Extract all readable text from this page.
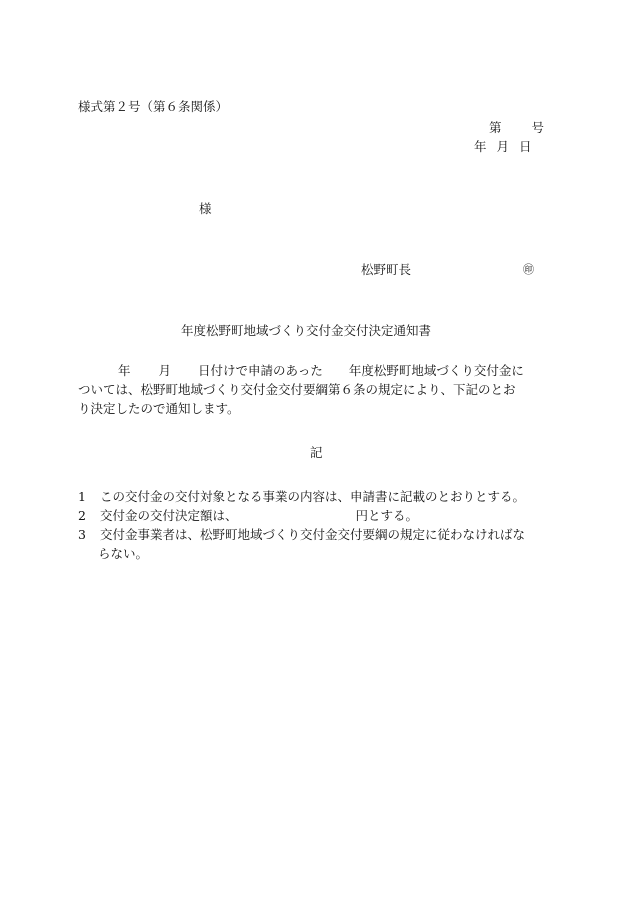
様式第２号（第６条関係）
第 号
年 月 日
様
松野町長	㊞
年度松野町地域づくり交付金交付決定通知書
年 月 日付けで申請のあった 年度松野町地域づくり交付金に
ついては、松野町地域づくり交付金交付要綱第６条の規定により、下記のとお
り決定したので通知します。
記
1 この交付金の交付対象となる事業の内容は、申請書に記載のとおりとする。
2 交付金の交付決定額は、	円とする。
3 交付金事業者は、松野町地域づくり交付金交付要綱の規定に従わなければな
らない。
